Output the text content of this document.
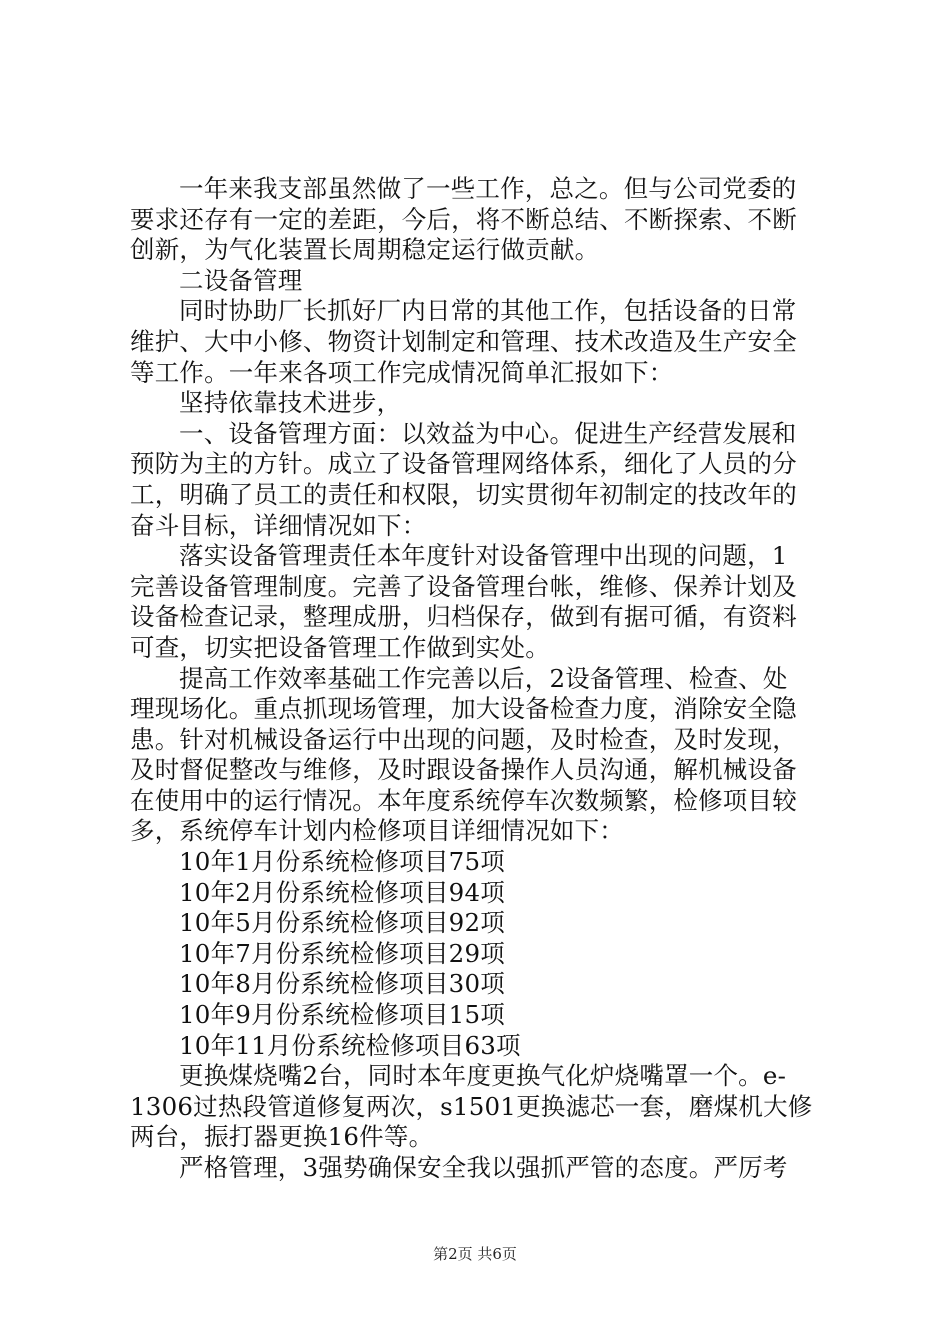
一年来我支部虽然做了一些工作，总之。但与公司党委的
要求还存有一定的差距，今后，将不断总结、不断探索、不断
创新，为气化装置长周期稳定运行做贡献。
二设备管理
同时协助厂长抓好厂内日常的其他工作，包括设备的日常
维护、大中小修、物资计划制定和管理、技术改造及生产安全
等工作。一年来各项工作完成情况简单汇报如下：
坚持依靠技术进步，
一、设备管理方面：以效益为中心。促进生产经营发展和
预防为主的方针。成立了设备管理网络体系，细化了人员的分
工，明确了员工的责任和权限，切实贯彻年初制定的技改年的
奋斗目标，详细情况如下：
落实设备管理责任本年度针对设备管理中出现的问题，1
完善设备管理制度。完善了设备管理台帐，维修、保养计划及
设备检查记录，整理成册，归档保存，做到有据可循，有资料
可查，切实把设备管理工作做到实处。
提高工作效率基础工作完善以后，2设备管理、检查、处
理现场化。重点抓现场管理，加大设备检查力度，消除安全隐
患。针对机械设备运行中出现的问题，及时检查，及时发现，
及时督促整改与维修，及时跟设备操作人员沟通，解机械设备
在使用中的运行情况。本年度系统停车次数频繁，检修项目较
多，系统停车计划内检修项目详细情况如下：
10年1月份系统检修项目75项
10年2月份系统检修项目94项
10年5月份系统检修项目92项
10年7月份系统检修项目29项
10年8月份系统检修项目30项
10年9月份系统检修项目15项
10年11月份系统检修项目63项
更换煤烧嘴2台，同时本年度更换气化炉烧嘴罩一个。e-
1306过热段管道修复两次，s1501更换滤芯一套，磨煤机大修
两台，振打器更换16件等。
严格管理，3强势确保安全我以强抓严管的态度。严厉考
第2页 共6页
